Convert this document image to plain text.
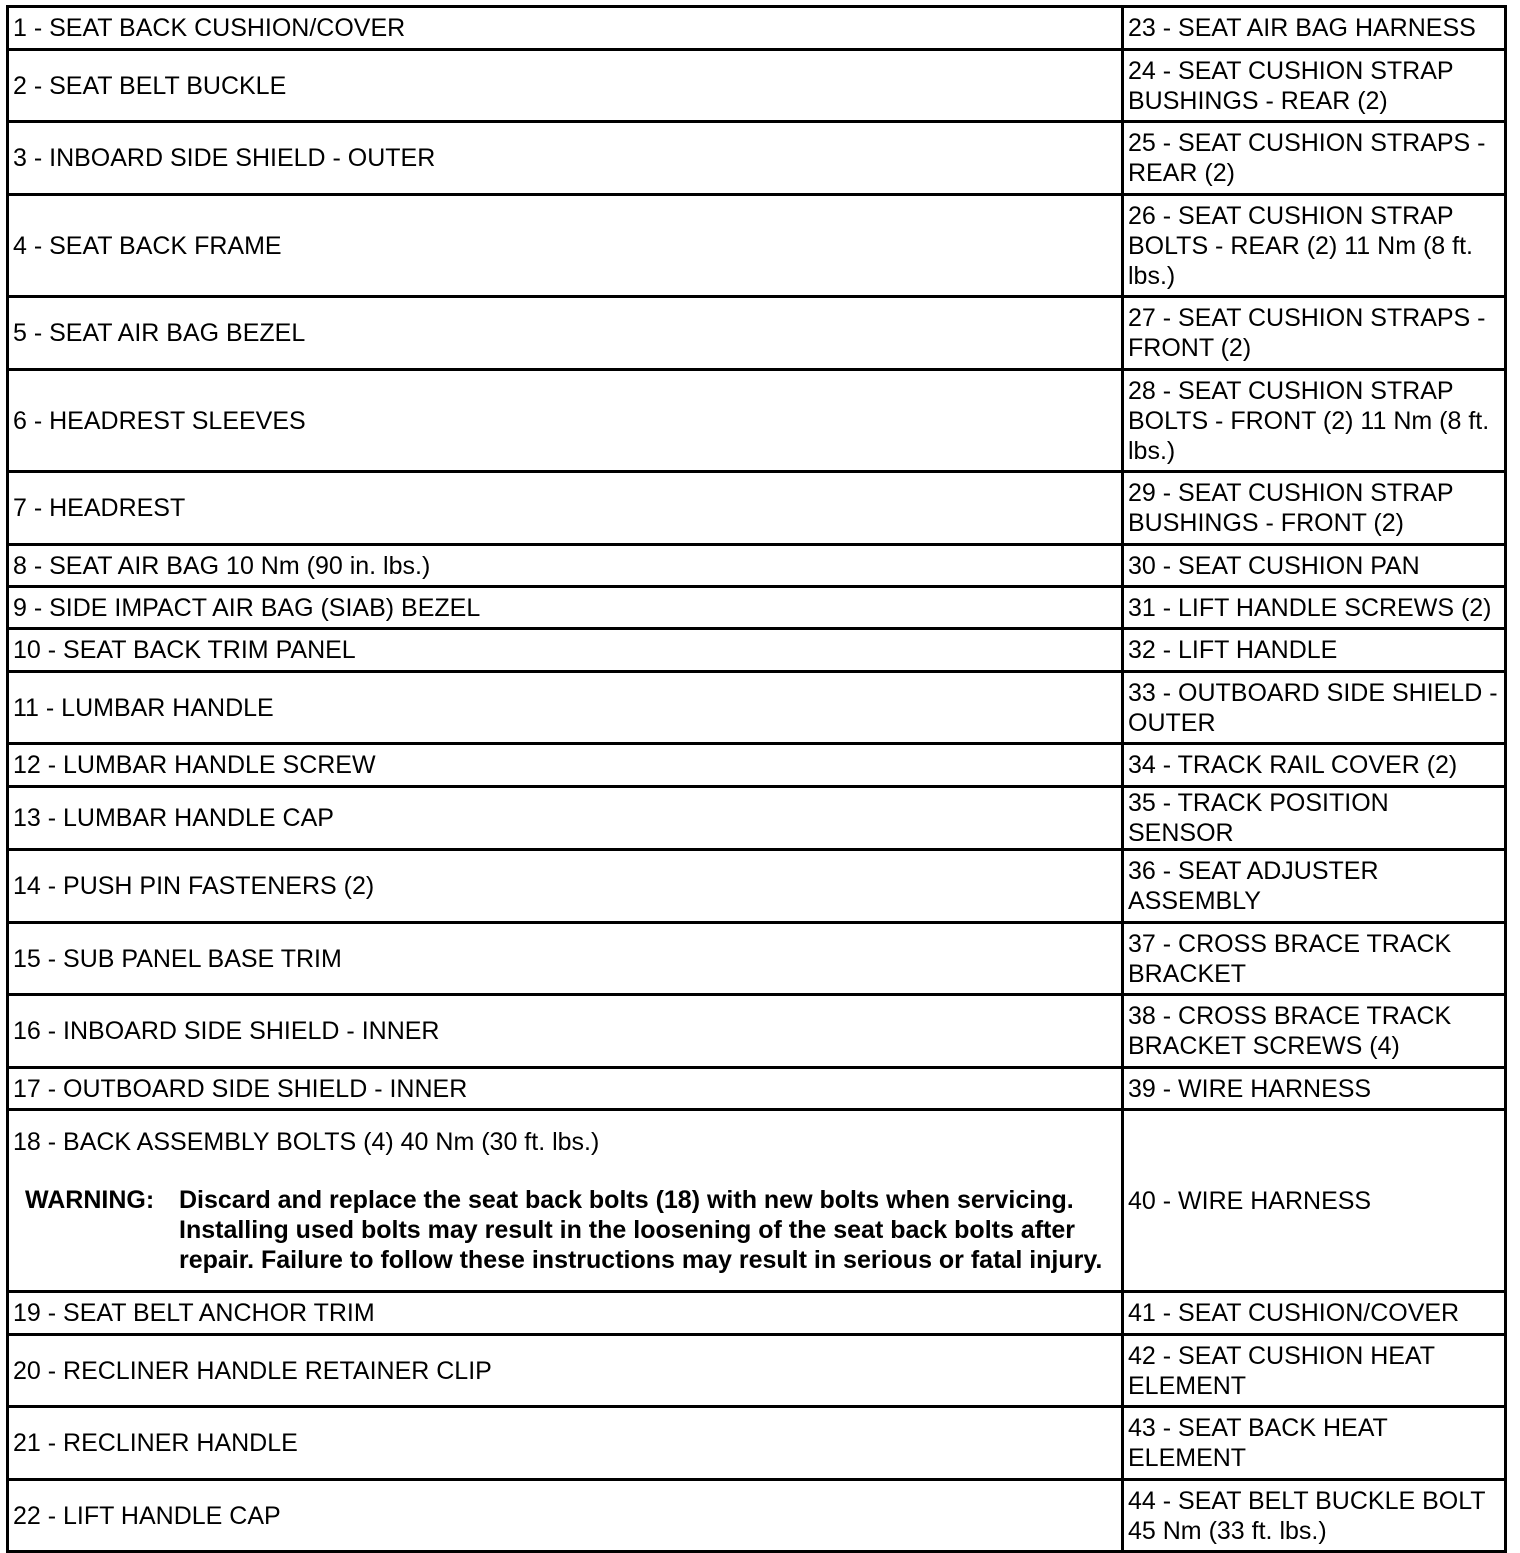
1 - SEAT BACK CUSHION/COVER	23 - SEAT AIR BAG HARNESS
2 - SEAT BELT BUCKLE	24 - SEAT CUSHION STRAP BUSHINGS - REAR (2)
3 - INBOARD SIDE SHIELD - OUTER	25 - SEAT CUSHION STRAPS - REAR (2)
4 - SEAT BACK FRAME	26 - SEAT CUSHION STRAP BOLTS - REAR (2) 11 Nm (8 ft. lbs.)
5 - SEAT AIR BAG BEZEL	27 - SEAT CUSHION STRAPS - FRONT (2)
6 - HEADREST SLEEVES	28 - SEAT CUSHION STRAP BOLTS - FRONT (2) 11 Nm (8 ft. lbs.)
7 - HEADREST	29 - SEAT CUSHION STRAP BUSHINGS - FRONT (2)
8 - SEAT AIR BAG 10 Nm (90 in. lbs.)	30 - SEAT CUSHION PAN
9 - SIDE IMPACT AIR BAG (SIAB) BEZEL	31 - LIFT HANDLE SCREWS (2)
10 - SEAT BACK TRIM PANEL	32 - LIFT HANDLE
11 - LUMBAR HANDLE	33 - OUTBOARD SIDE SHIELD - OUTER
12 - LUMBAR HANDLE SCREW	34 - TRACK RAIL COVER (2)
13 - LUMBAR HANDLE CAP	35 - TRACK POSITION SENSOR
14 - PUSH PIN FASTENERS (2)	36 - SEAT ADJUSTER ASSEMBLY
15 - SUB PANEL BASE TRIM	37 - CROSS BRACE TRACK BRACKET
16 - INBOARD SIDE SHIELD - INNER	38 - CROSS BRACE TRACK BRACKET SCREWS (4)
17 - OUTBOARD SIDE SHIELD - INNER	39 - WIRE HARNESS

18 - BACK ASSEMBLY BOLTS (4) 40 Nm (30 ft. lbs.)
WARNING: Discard and replace the seat back bolts (18) with new bolts when servicing. Installing used bolts may result in the loosening of the seat back bolts after repair. Failure to follow these instructions may result in serious or fatal injury.	40 - WIRE HARNESS
19 - SEAT BELT ANCHOR TRIM	41 - SEAT CUSHION/COVER
20 - RECLINER HANDLE RETAINER CLIP	42 - SEAT CUSHION HEAT ELEMENT
21 - RECLINER HANDLE	43 - SEAT BACK HEAT ELEMENT
22 - LIFT HANDLE CAP	44 - SEAT BELT BUCKLE BOLT 45 Nm (33 ft. lbs.)
